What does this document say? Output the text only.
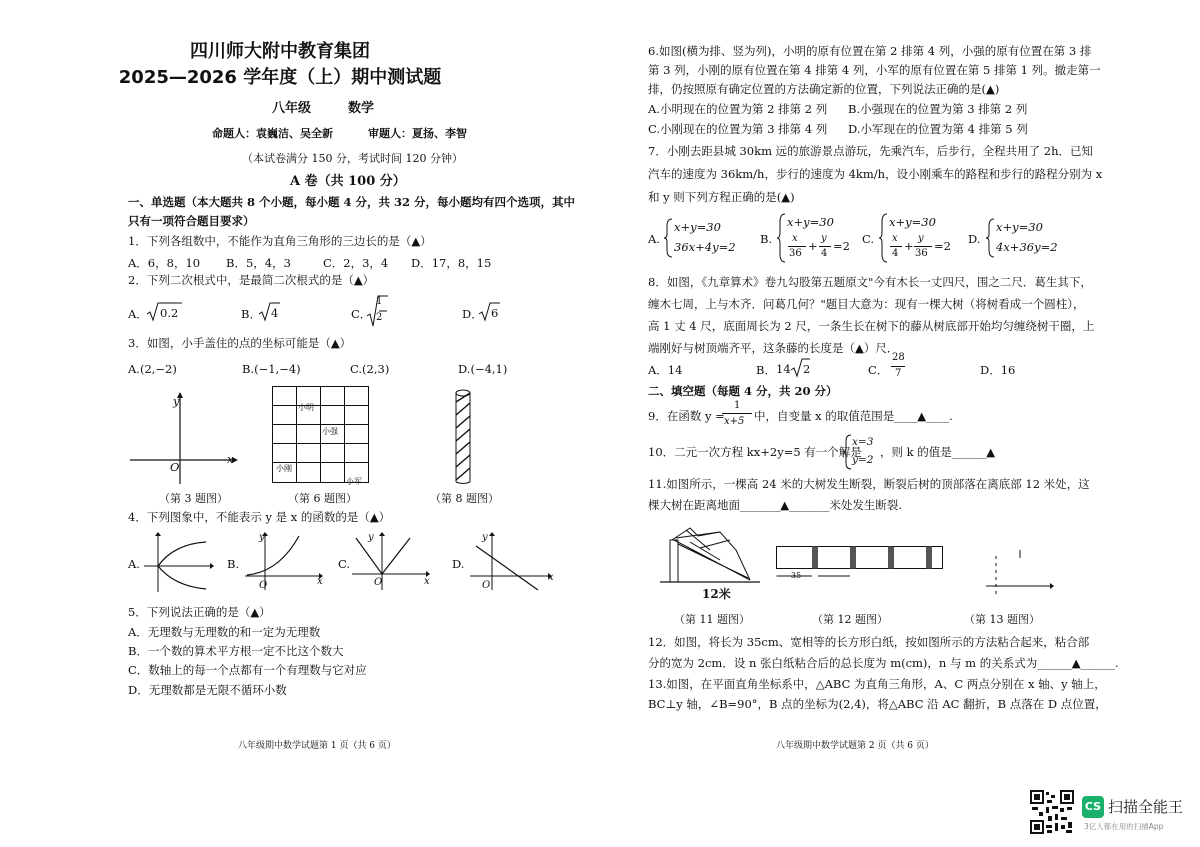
四川师大附中教育集团
2025—2026 学年度（上）期中测试题
八年级	数学
命题人：袁巍洁、吴全新	审题人：夏扬、李智
（本试卷满分 150 分，考试时间 120 分钟）
A 卷（共 100 分）
一、单选题（本大题共 8 个小题，每小题 4 分，共 32 分，每小题均有四个选项，其中
只有一项符合题目要求）
1．下列各组数中，不能作为直角三角形的三边长的是（▲）
A．6，8，10 B．5，4，3	C．2，3，4 D．17，8，15
2．下列二次根式中，是最简二次根式的是（▲）
A． 0.2	B． 4	C．
1
2	D． 6
3．如图，小手盖住的点的坐标可能是（▲）
A.(2,−2)	B.(−1,−4)	C.(2,3)	D.(−4,1)
y
x
O
小明
小强
小刚
小军
（第 3 题图）	（第 6 题图）	（第 8 题图）
4．下列图象中，不能表示 y 是 x 的函数的是（▲）
A.	B.
y
O	x
C.
y
O	x
D.
y
O
x
5．下列说法正确的是（▲）
A．无理数与无理数的和一定为无理数
B．一个数的算术平方根一定不比这个数大
C．数轴上的每一个点都有一个有理数与它对应
D．无理数都是无限不循环小数
八年级期中数学试题第 1 页（共 6 页）
6.如图(横为排、竖为列)，小明的原有位置在第 2 排第 4 列，小强的原有位置在第 3 排
第 3 列，小刚的原有位置在第 4 排第 4 列，小军的原有位置在第 5 排第 1 列。撤走第一
排，仍按照原有确定位置的方法确定新的位置，下列说法正确的是(▲)
A.小明现在的位置为第 2 排第 2 列 B.小强现在的位置为第 3 排第 2 列
C.小刚现在的位置为第 3 排第 4 列 D.小军现在的位置为第 4 排第 5 列
7．小刚去距县城 30km 远的旅游景点游玩，先乘汽车，后步行，全程共用了 2h．已知
汽车的速度为 36km/h，步行的速度为 4km/h，设小刚乘车的路程和步行的路程分别为 x
和 y 则下列方程正确的是(▲)
A.
x+y=30
36x+4y=2
B.
x+y=30
x
36
+
y
4
=2 C.
x+y=30
x
4
+
y
36
=2 D.
x+y=30
4x+36y=2
8．如图，《九章算术》卷九勾股第五题原文"今有木长一丈四尺，围之二尺．葛生其下，
缠木七周，上与木齐．问葛几何？"题目大意为：现有一棵大树（将树看成一个圆柱），
高 1 丈 4 尺，底面周长为 2 尺，一条生长在树下的藤从树底部开始均匀缠绕树干圈，上
端刚好与树顶端齐平，这条藤的长度是（▲）尺．
A．14	B． 14 2	C．
28
7	D．16
二、填空题（每题 4 分，共 20 分）
9．在函数 y =
1
x+5 中，自变量 x 的取值范围是____▲____.
10．二元一次方程 kx+2y=5 有一个解是
x=3
y=2
，则 k 的值是______▲
11.如图所示，一棵高 24 米的大树发生断裂，断裂后树的顶部落在离底部 12 米处，这
棵大树在距离地面_______▲_______米处发生断裂.
12米
35
（第 11 题图）	（第 12 题图）	（第 13 题图）
12．如图，将长为 35cm、宽相等的长方形白纸，按如图所示的方法粘合起来，粘合部
分的宽为 2cm．设 n 张白纸粘合后的总长度为 m(cm)，n 与 m 的关系式为______▲______.
13.如图，在平面直角坐标系中，△ABC 为直角三角形，A、C 两点分别在 x 轴、y 轴上，
BC⊥y 轴，∠B=90°，B 点的坐标为(2,4)，将△ABC 沿 AC 翻折，B 点落在 D 点位置，
八年级期中数学试题第 2 页（共 6 页）
CS 扫描全能王
3亿人都在用的扫描App
